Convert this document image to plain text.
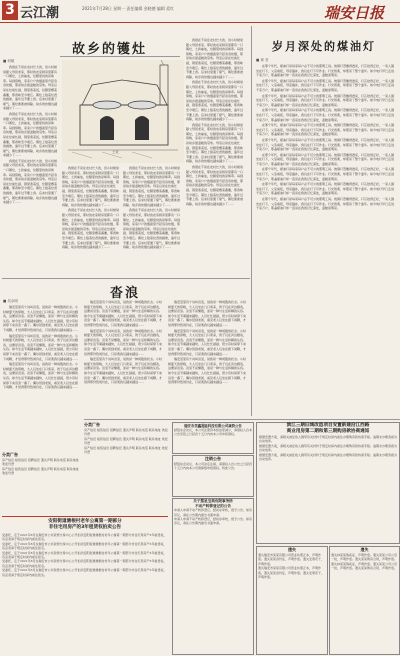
3 云江潮	2021年7月28日 星期一 责任编辑 金晓德 编辑 爱红	瑞安日报
故乡的镬灶
■ 何敏

我现在不是在农村长大的，但小时候常随父母回老家，那时的农家厨房里都有一口镬灶，土砖垒成，灶膛里烧的是柴草。每到傍晚，家家户户的烟囱里升起袅袅炊烟，那是故乡最温暖的景象。母亲总是在灶前忙碌，锅里煮着饭，灶膛里煨着番薯，那香味至今难忘。镬灶上贴着灶君的画像，逢年过节要上香。后来村里通了煤气，镬灶渐渐被拆除，故乡的炊烟也越来越少了……

我现在不是在农村长大的，但小时候常随父母回老家，那时的农家厨房里都有一口镬灶，土砖垒成，灶膛里烧的是柴草。每到傍晚，家家户户的烟囱里升起袅袅炊烟，那是故乡最温暖的景象。母亲总是在灶前忙碌，锅里煮着饭，灶膛里煨着番薯，那香味至今难忘。镬灶上贴着灶君的画像，逢年过节要上香。后来村里通了煤气，镬灶渐渐被拆除，故乡的炊烟也越来越少了……

我现在不是在农村长大的，但小时候常随父母回老家，那时的农家厨房里都有一口镬灶，土砖垒成，灶膛里烧的是柴草。每到傍晚，家家户户的烟囱里升起袅袅炊烟，那是故乡最温暖的景象。母亲总是在灶前忙碌，锅里煮着饭，灶膛里煨着番薯，那香味至今难忘。镬灶上贴着灶君的画像，逢年过节要上香。后来村里通了煤气，镬灶渐渐被拆除，故乡的炊烟也越来越少了……

土灶

我现在不是在农村长大的，但小时候常随父母回老家，那时的农家厨房里都有一口镬灶，土砖垒成，灶膛里烧的是柴草。每到傍晚，家家户户的烟囱里升起袅袅炊烟，那是故乡最温暖的景象。母亲总是在灶前忙碌，锅里煮着饭，灶膛里煨着番薯，那香味至今难忘。镬灶上贴着灶君的画像，逢年过节要上香。后来村里通了煤气，镬灶渐渐被拆除，故乡的炊烟也越来越少了……

我现在不是在农村长大的，但小时候常随父母回老家，那时的农家厨房里都有一口镬灶，土砖垒成，灶膛里烧的是柴草。每到傍晚，家家户户的烟囱里升起袅袅炊烟，那是故乡最温暖的景象。母亲总是在灶前忙碌，锅里煮着饭，灶膛里煨着番薯，那香味至今难忘。镬灶上贴着灶君的画像，逢年过节要上香。后来村里通了煤气，镬灶渐渐被拆除，故乡的炊烟也越来越少了……

我现在不是在农村长大的，但小时候常随父母回老家，那时的农家厨房里都有一口镬灶，土砖垒成，灶膛里烧的是柴草。每到傍晚，家家户户的烟囱里升起袅袅炊烟，那是故乡最温暖的景象。母亲总是在灶前忙碌，锅里煮着饭，灶膛里煨着番薯，那香味至今难忘。镬灶上贴着灶君的画像，逢年过节要上香。后来村里通了煤气，镬灶渐渐被拆除，故乡的炊烟也越来越少了……

我现在不是在农村长大的，但小时候常随父母回老家，那时的农家厨房里都有一口镬灶，土砖垒成，灶膛里烧的是柴草。每到傍晚，家家户户的烟囱里升起袅袅炊烟，那是故乡最温暖的景象。母亲总是在灶前忙碌，锅里煮着饭，灶膛里煨着番薯，那香味至今难忘。镬灶上贴着灶君的画像，逢年过节要上香。后来村里通了煤气，镬灶渐渐被拆除，故乡的炊烟也越来越少了……

我现在不是在农村长大的，但小时候常随父母回老家，那时的农家厨房里都有一口镬灶，土砖垒成，灶膛里烧的是柴草。每到傍晚，家家户户的烟囱里升起袅袅炊烟，那是故乡最温暖的景象。母亲总是在灶前忙碌，锅里煮着饭，灶膛里煨着番薯，那香味至今难忘。镬灶上贴着灶君的画像，逢年过节要上香。后来村里通了煤气，镬灶渐渐被拆除，故乡的炊烟也越来越少了……

我现在不是在农村长大的，但小时候常随父母回老家，那时的农家厨房里都有一口镬灶，土砖垒成，灶膛里烧的是柴草。每到傍晚，家家户户的烟囱里升起袅袅炊烟，那是故乡最温暖的景象。母亲总是在灶前忙碌，锅里煮着饭，灶膛里煨着番薯，那香味至今难忘。镬灶上贴着灶君的画像，逢年过节要上香。后来村里通了煤气，镬灶渐渐被拆除，故乡的炊烟也越来越少了……

我现在不是在农村长大的，但小时候常随父母回老家，那时的农家厨房里都有一口镬灶，土砖垒成，灶膛里烧的是柴草。每到傍晚，家家户户的烟囱里升起袅袅炊烟，那是故乡最温暖的景象。母亲总是在灶前忙碌，锅里煮着饭，灶膛里煨着番薯，那香味至今难忘。镬灶上贴着灶君的画像，逢年过节要上香。后来村里通了煤气，镬灶渐渐被拆除，故乡的炊烟也越来越少了……

我现在不是在农村长大的，但小时候常随父母回老家，那时的农家厨房里都有一口镬灶，土砖垒成，灶膛里烧的是柴草。每到傍晚，家家户户的烟囱里升起袅袅炊烟，那是故乡最温暖的景象。母亲总是在灶前忙碌，锅里煮着饭，灶膛里煨着番薯，那香味至今难忘。镬灶上贴着灶君的画像，逢年过节要上香。后来村里通了煤气，镬灶渐渐被拆除，故乡的炊烟也越来越少了……

岁月深处的煤油灯
■ 黄 莹

在那个年代，煤油灯是每家每户必不可少的照明工具。玻璃灯罩擦得透亮，灯芯捻得正好，一家人围坐在灯下，父亲看报，母亲缝补，我们在灯下写作业。灯光昏黄，却照亮了整个童年。如今电灯早已走进千家万户，那盏煤油灯却一直亮在我的记忆深处，温暖而明亮。

在那个年代，煤油灯是每家每户必不可少的照明工具。玻璃灯罩擦得透亮，灯芯捻得正好，一家人围坐在灯下，父亲看报，母亲缝补，我们在灯下写作业。灯光昏黄，却照亮了整个童年。如今电灯早已走进千家万户，那盏煤油灯却一直亮在我的记忆深处，温暖而明亮。

在那个年代，煤油灯是每家每户必不可少的照明工具。玻璃灯罩擦得透亮，灯芯捻得正好，一家人围坐在灯下，父亲看报，母亲缝补，我们在灯下写作业。灯光昏黄，却照亮了整个童年。如今电灯早已走进千家万户，那盏煤油灯却一直亮在我的记忆深处，温暖而明亮。

在那个年代，煤油灯是每家每户必不可少的照明工具。玻璃灯罩擦得透亮，灯芯捻得正好，一家人围坐在灯下，父亲看报，母亲缝补，我们在灯下写作业。灯光昏黄，却照亮了整个童年。如今电灯早已走进千家万户，那盏煤油灯却一直亮在我的记忆深处，温暖而明亮。

在那个年代，煤油灯是每家每户必不可少的照明工具。玻璃灯罩擦得透亮，灯芯捻得正好，一家人围坐在灯下，父亲看报，母亲缝补，我们在灯下写作业。灯光昏黄，却照亮了整个童年。如今电灯早已走进千家万户，那盏煤油灯却一直亮在我的记忆深处，温暖而明亮。

在那个年代，煤油灯是每家每户必不可少的照明工具。玻璃灯罩擦得透亮，灯芯捻得正好，一家人围坐在灯下，父亲看报，母亲缝补，我们在灯下写作业。灯光昏黄，却照亮了整个童年。如今电灯早已走进千家万户，那盏煤油灯却一直亮在我的记忆深处，温暖而明亮。

在那个年代，煤油灯是每家每户必不可少的照明工具。玻璃灯罩擦得透亮，灯芯捻得正好，一家人围坐在灯下，父亲看报，母亲缝补，我们在灯下写作业。灯光昏黄，却照亮了整个童年。如今电灯早已走进千家万户，那盏煤油灯却一直亮在我的记忆深处，温暖而明亮。

在那个年代，煤油灯是每家每户必不可少的照明工具。玻璃灯罩擦得透亮，灯芯捻得正好，一家人围坐在灯下，父亲看报，母亲缝补，我们在灯下写作业。灯光昏黄，却照亮了整个童年。如今电灯早已走进千家万户，那盏煤油灯却一直亮在我的记忆深处，温暖而明亮。

在那个年代，煤油灯是每家每户必不可少的照明工具。玻璃灯罩擦得透亮，灯芯捻得正好，一家人围坐在灯下，父亲看报，母亲缝补，我们在灯下写作业。灯光昏黄，却照亮了整个童年。如今电灯早已走进千家万户，那盏煤油灯却一直亮在我的记忆深处，温暖而明亮。

在那个年代，煤油灯是每家每户必不可少的照明工具。玻璃灯罩擦得透亮，灯芯捻得正好，一家人围坐在灯下，父亲看报，母亲缝补，我们在灯下写作业。灯光昏黄，却照亮了整个童年。如今电灯早已走进千家万户，那盏煤油灯却一直亮在我的记忆深处，温暖而明亮。

沓浪
■ 吴余明

瑞安话里有个词叫沓浪，说的是一种闲散的状态。小时候夏天的傍晚，大人们坐在门口乘凉，孩子们在河边嬉戏，这便是沓浪。沓浪不是懒散，而是一种与生活和解的从容。如今生活节奏越来越快，人们忙忙碌碌，很少有时间停下来沓浪一番了。偶尔回到老街，看见老人们坐在廊下闲聊，才觉得那份悠闲仍在，只是离我们越来越远……

瑞安话里有个词叫沓浪，说的是一种闲散的状态。小时候夏天的傍晚，大人们坐在门口乘凉，孩子们在河边嬉戏，这便是沓浪。沓浪不是懒散，而是一种与生活和解的从容。如今生活节奏越来越快，人们忙忙碌碌，很少有时间停下来沓浪一番了。偶尔回到老街，看见老人们坐在廊下闲聊，才觉得那份悠闲仍在，只是离我们越来越远……

瑞安话里有个词叫沓浪，说的是一种闲散的状态。小时候夏天的傍晚，大人们坐在门口乘凉，孩子们在河边嬉戏，这便是沓浪。沓浪不是懒散，而是一种与生活和解的从容。如今生活节奏越来越快，人们忙忙碌碌，很少有时间停下来沓浪一番了。偶尔回到老街，看见老人们坐在廊下闲聊，才觉得那份悠闲仍在，只是离我们越来越远……

瑞安话里有个词叫沓浪，说的是一种闲散的状态。小时候夏天的傍晚，大人们坐在门口乘凉，孩子们在河边嬉戏，这便是沓浪。沓浪不是懒散，而是一种与生活和解的从容。如今生活节奏越来越快，人们忙忙碌碌，很少有时间停下来沓浪一番了。偶尔回到老街，看见老人们坐在廊下闲聊，才觉得那份悠闲仍在，只是离我们越来越远……

瑞安话里有个词叫沓浪，说的是一种闲散的状态。小时候夏天的傍晚，大人们坐在门口乘凉，孩子们在河边嬉戏，这便是沓浪。沓浪不是懒散，而是一种与生活和解的从容。如今生活节奏越来越快，人们忙忙碌碌，很少有时间停下来沓浪一番了。偶尔回到老街，看见老人们坐在廊下闲聊，才觉得那份悠闲仍在，只是离我们越来越远……

瑞安话里有个词叫沓浪，说的是一种闲散的状态。小时候夏天的傍晚，大人们坐在门口乘凉，孩子们在河边嬉戏，这便是沓浪。沓浪不是懒散，而是一种与生活和解的从容。如今生活节奏越来越快，人们忙忙碌碌，很少有时间停下来沓浪一番了。偶尔回到老街，看见老人们坐在廊下闲聊，才觉得那份悠闲仍在，只是离我们越来越远……

瑞安话里有个词叫沓浪，说的是一种闲散的状态。小时候夏天的傍晚，大人们坐在门口乘凉，孩子们在河边嬉戏，这便是沓浪。沓浪不是懒散，而是一种与生活和解的从容。如今生活节奏越来越快，人们忙忙碌碌，很少有时间停下来沓浪一番了。偶尔回到老街，看见老人们坐在廊下闲聊，才觉得那份悠闲仍在，只是离我们越来越远……

瑞安话里有个词叫沓浪，说的是一种闲散的状态。小时候夏天的傍晚，大人们坐在门口乘凉，孩子们在河边嬉戏，这便是沓浪。沓浪不是懒散，而是一种与生活和解的从容。如今生活节奏越来越快，人们忙忙碌碌，很少有时间停下来沓浪一番了。偶尔回到老街，看见老人们坐在廊下闲聊，才觉得那份悠闲仍在，只是离我们越来越远……

瑞安话里有个词叫沓浪，说的是一种闲散的状态。小时候夏天的傍晚，大人们坐在门口乘凉，孩子们在河边嬉戏，这便是沓浪。沓浪不是懒散，而是一种与生活和解的从容。如今生活节奏越来越快，人们忙忙碌碌，很少有时间停下来沓浪一番了。偶尔回到老街，看见老人们坐在廊下闲聊，才觉得那份悠闲仍在，只是离我们越来越远……

分类广告
房产信息 租售信息 招聘信息 遗失声明 联系电话 联系地址 欢迎刊登
房产信息 租售信息 招聘信息 遗失声明 联系电话 联系地址 欢迎刊登
分类广告
房产信息 租售信息 招聘信息 遗失声明 联系电话 联系地址 欢迎刊登
房产信息 租售信息 招聘信息 遗失声明 联系电话 联系地址 欢迎刊登
房产信息 租售信息 招聘信息 遗失声明 联系电话 联系地址 欢迎刊登
安阳街道塘根村老年公寓第一期部分
非住宅用房产的3年租赁权拍卖公告
受委托，定于2021年8月在瑞安市公共资源交易中心公开拍卖安阳街道塘根村老年公寓第一期部分非住宅用房产3年租赁权，有意者请于规定时间内前往报名。
受委托，定于2021年8月在瑞安市公共资源交易中心公开拍卖安阳街道塘根村老年公寓第一期部分非住宅用房产3年租赁权，有意者请于规定时间内前往报名。
受委托，定于2021年8月在瑞安市公共资源交易中心公开拍卖安阳街道塘根村老年公寓第一期部分非住宅用房产3年租赁权，有意者请于规定时间内前往报名。
受委托，定于2021年8月在瑞安市公共资源交易中心公开拍卖安阳街道塘根村老年公寓第一期部分非住宅用房产3年租赁权，有意者请于规定时间内前往报名。
受委托，定于2021年8月在瑞安市公共资源交易中心公开拍卖安阳街道塘根村老年公寓第一期部分非住宅用房产3年租赁权，有意者请于规定时间内前往报名。
瑞安市奕鑫超硅科技有限公司减资公告
经股东会决议，本公司注册资本拟由原减少，请债权人自本公告见报之日起四十五日内向本公司申报债权。
注销公告
经股东会决议，本公司决定注销，请债权人自公告之日起四十五日内向本公司清算组申报债权。特此公告。
关于慧星宝典有限事务所
不动产转移登记的公告
申请人申请不动产转移登记，经初步审核，现予公告。如有异议，请在公告期内提出书面申请。
申请人申请不动产转移登记，经初步审核，现予公告。如有异议，请在公告期内提出书面申请。
滨江三期旧城改造项目安置新建沿江西路
商业用房第二期和第三期购房款协商通知
根据安置方案，请相关被征收人携带有关材料于规定时间内前往办理购房款协商手续。逾期未办理者视为自动放弃。
根据安置方案，请相关被征收人携带有关材料于规定时间内前往办理购房款协商手续。逾期未办理者视为自动放弃。
根据安置方案，请相关被征收人携带有关材料于规定时间内前往办理购房款协商手续。逾期未办理者视为自动放弃。
遗失
遗失瑞安市某某有限公司营业执照正本，声明作废。遗失某某身份证，声明作废。遗失发票若干，声明作废。
遗失瑞安市某某有限公司营业执照正本，声明作废。遗失某某身份证，声明作废。遗失发票若干，声明作废。
遗失
遗失林某某残疾证，声明作废。遗失某某公司公章一枚，声明作废。遗失某某购房合同，声明作废。
遗失林某某残疾证，声明作废。遗失某某公司公章一枚，声明作废。遗失某某购房合同，声明作废。
